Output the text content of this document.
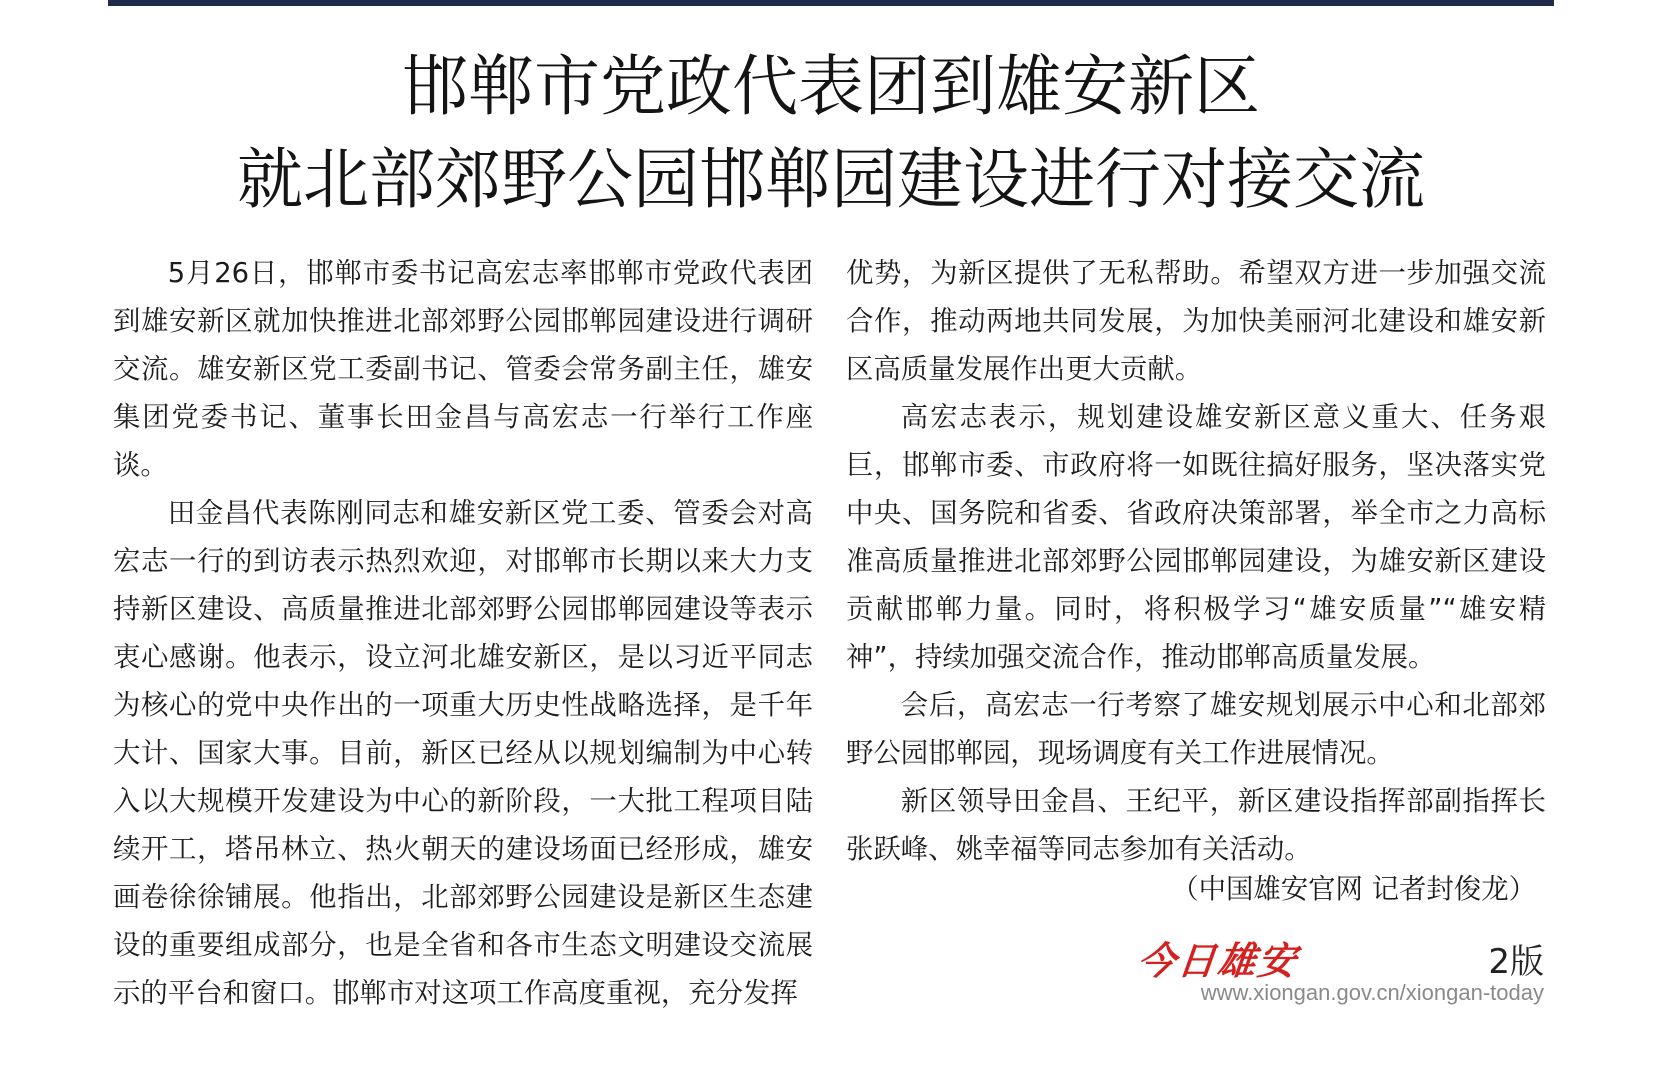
邯郸市党政代表团到雄安新区
就北部郊野公园邯郸园建设进行对接交流

5月26日，邯郸市委书记高宏志率邯郸市党政代表团到雄安新区就加快推进北部郊野公园邯郸园建设进行调研交流。雄安新区党工委副书记、管委会常务副主任，雄安集团党委书记、董事长田金昌与高宏志一行举行工作座谈。

田金昌代表陈刚同志和雄安新区党工委、管委会对高宏志一行的到访表示热烈欢迎，对邯郸市长期以来大力支持新区建设、高质量推进北部郊野公园邯郸园建设等表示衷心感谢。他表示，设立河北雄安新区，是以习近平同志为核心的党中央作出的一项重大历史性战略选择，是千年大计、国家大事。目前，新区已经从以规划编制为中心转入以大规模开发建设为中心的新阶段，一大批工程项目陆续开工，塔吊林立、热火朝天的建设场面已经形成，雄安画卷徐徐铺展。他指出，北部郊野公园建设是新区生态建设的重要组成部分，也是全省和各市生态文明建设交流展示的平台和窗口。邯郸市对这项工作高度重视，充分发挥

优势，为新区提供了无私帮助。希望双方进一步加强交流合作，推动两地共同发展，为加快美丽河北建设和雄安新区高质量发展作出更大贡献。

高宏志表示，规划建设雄安新区意义重大、任务艰巨，邯郸市委、市政府将一如既往搞好服务，坚决落实党中央、国务院和省委、省政府决策部署，举全市之力高标准高质量推进北部郊野公园邯郸园建设，为雄安新区建设贡献邯郸力量。同时，将积极学习“雄安质量”“雄安精神”，持续加强交流合作，推动邯郸高质量发展。

会后，高宏志一行考察了雄安规划展示中心和北部郊野公园邯郸园，现场调度有关工作进展情况。

新区领导田金昌、王纪平，新区建设指挥部副指挥长张跃峰、姚幸福等同志参加有关活动。

（中国雄安官网 记者封俊龙）
今日雄安	2版
www.xiongan.gov.cn/xiongan-today
